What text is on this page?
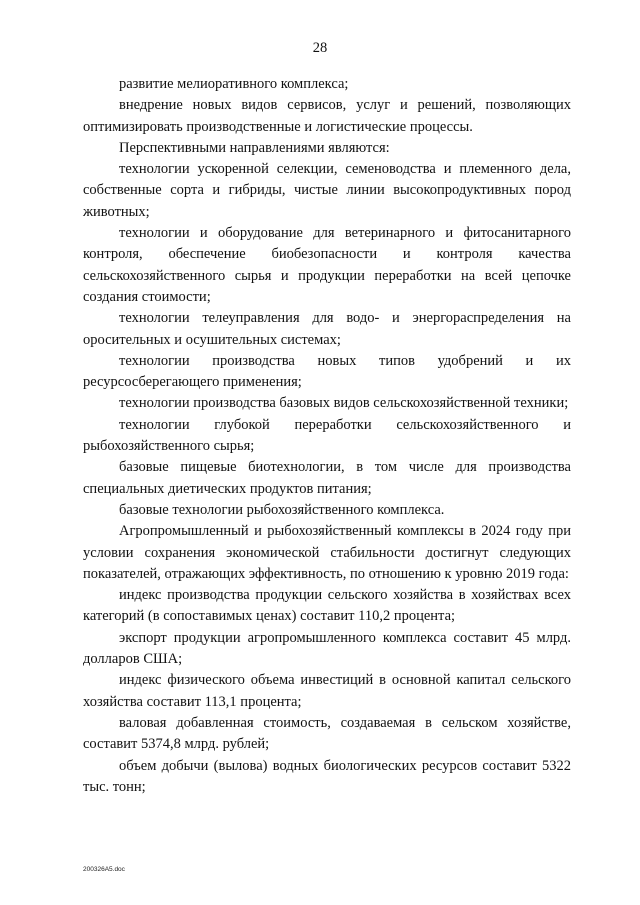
28

развитие мелиоративного комплекса;

внедрение новых видов сервисов, услуг и решений, позволяющих оптимизировать производственные и логистические процессы.

Перспективными направлениями являются:

технологии ускоренной селекции, семеноводства и племенного дела, собственные сорта и гибриды, чистые линии высокопродуктивных пород животных;

технологии и оборудование для ветеринарного и фитосанитарного контроля, обеспечение биобезопасности и контроля качества сельскохозяйственного сырья и продукции переработки на всей цепочке создания стоимости;

технологии телеуправления для водо- и энергораспределения на оросительных и осушительных системах;

технологии производства новых типов удобрений и их ресурсосберегающего применения;

технологии производства базовых видов сельскохозяйственной техники;

технологии глубокой переработки сельскохозяйственного и рыбохозяйственного сырья;

базовые пищевые биотехнологии, в том числе для производства специальных диетических продуктов питания;

базовые технологии рыбохозяйственного комплекса.

Агропромышленный и рыбохозяйственный комплексы в 2024 году при условии сохранения экономической стабильности достигнут следующих показателей, отражающих эффективность, по отношению к уровню 2019 года:

индекс производства продукции сельского хозяйства в хозяйствах всех категорий (в сопоставимых ценах) составит 110,2 процента;

экспорт продукции агропромышленного комплекса составит 45 млрд. долларов США;

индекс физического объема инвестиций в основной капитал сельского хозяйства составит 113,1 процента;

валовая добавленная стоимость, создаваемая в сельском хозяйстве, составит 5374,8 млрд. рублей;

объем добычи (вылова) водных биологических ресурсов составит 5322 тыс. тонн;

200326А5.doc
